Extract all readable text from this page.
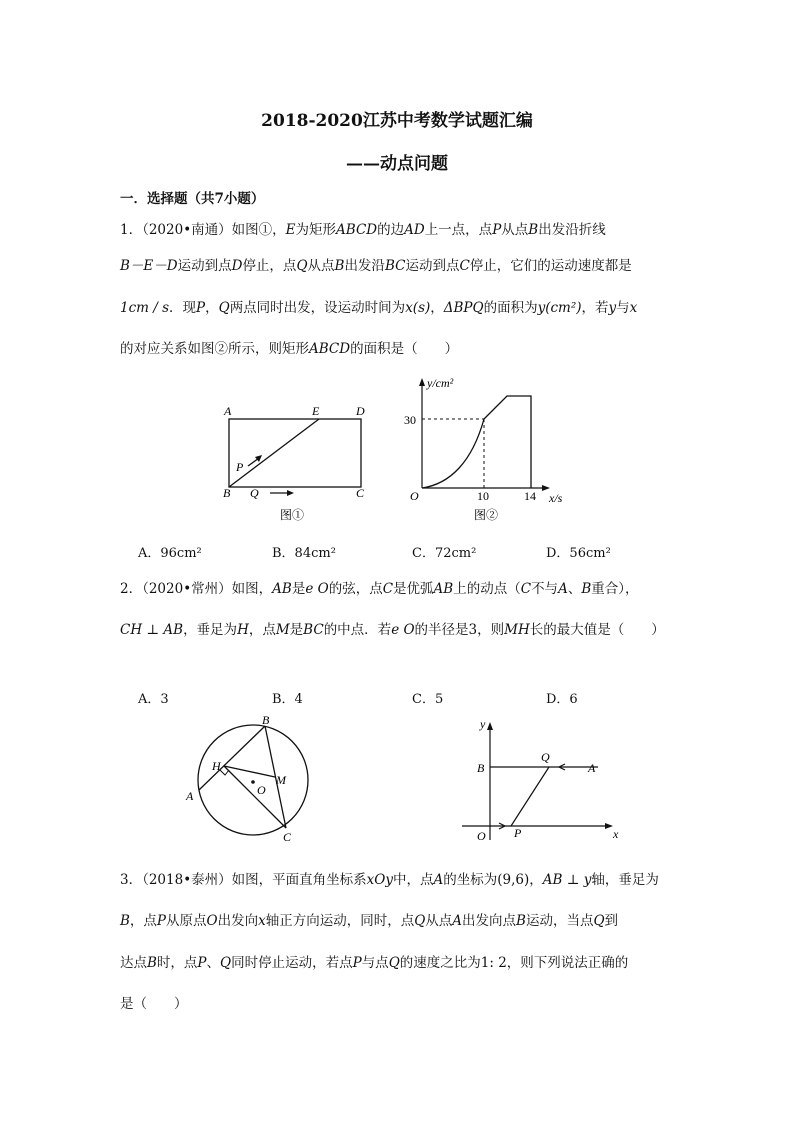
2018-2020江苏中考数学试题汇编
——动点问题
一．选择题（共7小题）
1．（2020•南通）如图①，E为矩形ABCD的边AD上一点，点P从点B出发沿折线
B－E－D运动到点D停止，点Q从点B出发沿BC运动到点C停止，它们的运动速度都是
1cm / s．现P，Q两点同时出发，设运动时间为x(s)，ΔBPQ的面积为y(cm²)，若y与x
的对应关系如图②所示，则矩形ABCD的面积是（　　）
A	E	D
B	C
P
Q
图①
y/cm²
30
O	10	14 x/s
图②
A．96cm²	B．84cm²	C．72cm²	D．56cm²
2．（2020•常州）如图，AB是e O的弦，点C是优弧AB上的动点（C不与A、B重合），
CH ⊥ AB，垂足为H，点M是BC的中点．若e O的半径是3，则MH长的最大值是（　　）
A．3	B．4	C．5	D．6
B
H
A
M
O
C
y
B
Q
A
O P	x
3．（2018•泰州）如图，平面直角坐标系xOy中，点A的坐标为(9,6)，AB ⊥ y轴，垂足为
B，点P从原点O出发向x轴正方向运动，同时，点Q从点A出发向点B运动，当点Q到
达点B时，点P、Q同时停止运动，若点P与点Q的速度之比为1: 2，则下列说法正确的
是（　　）
